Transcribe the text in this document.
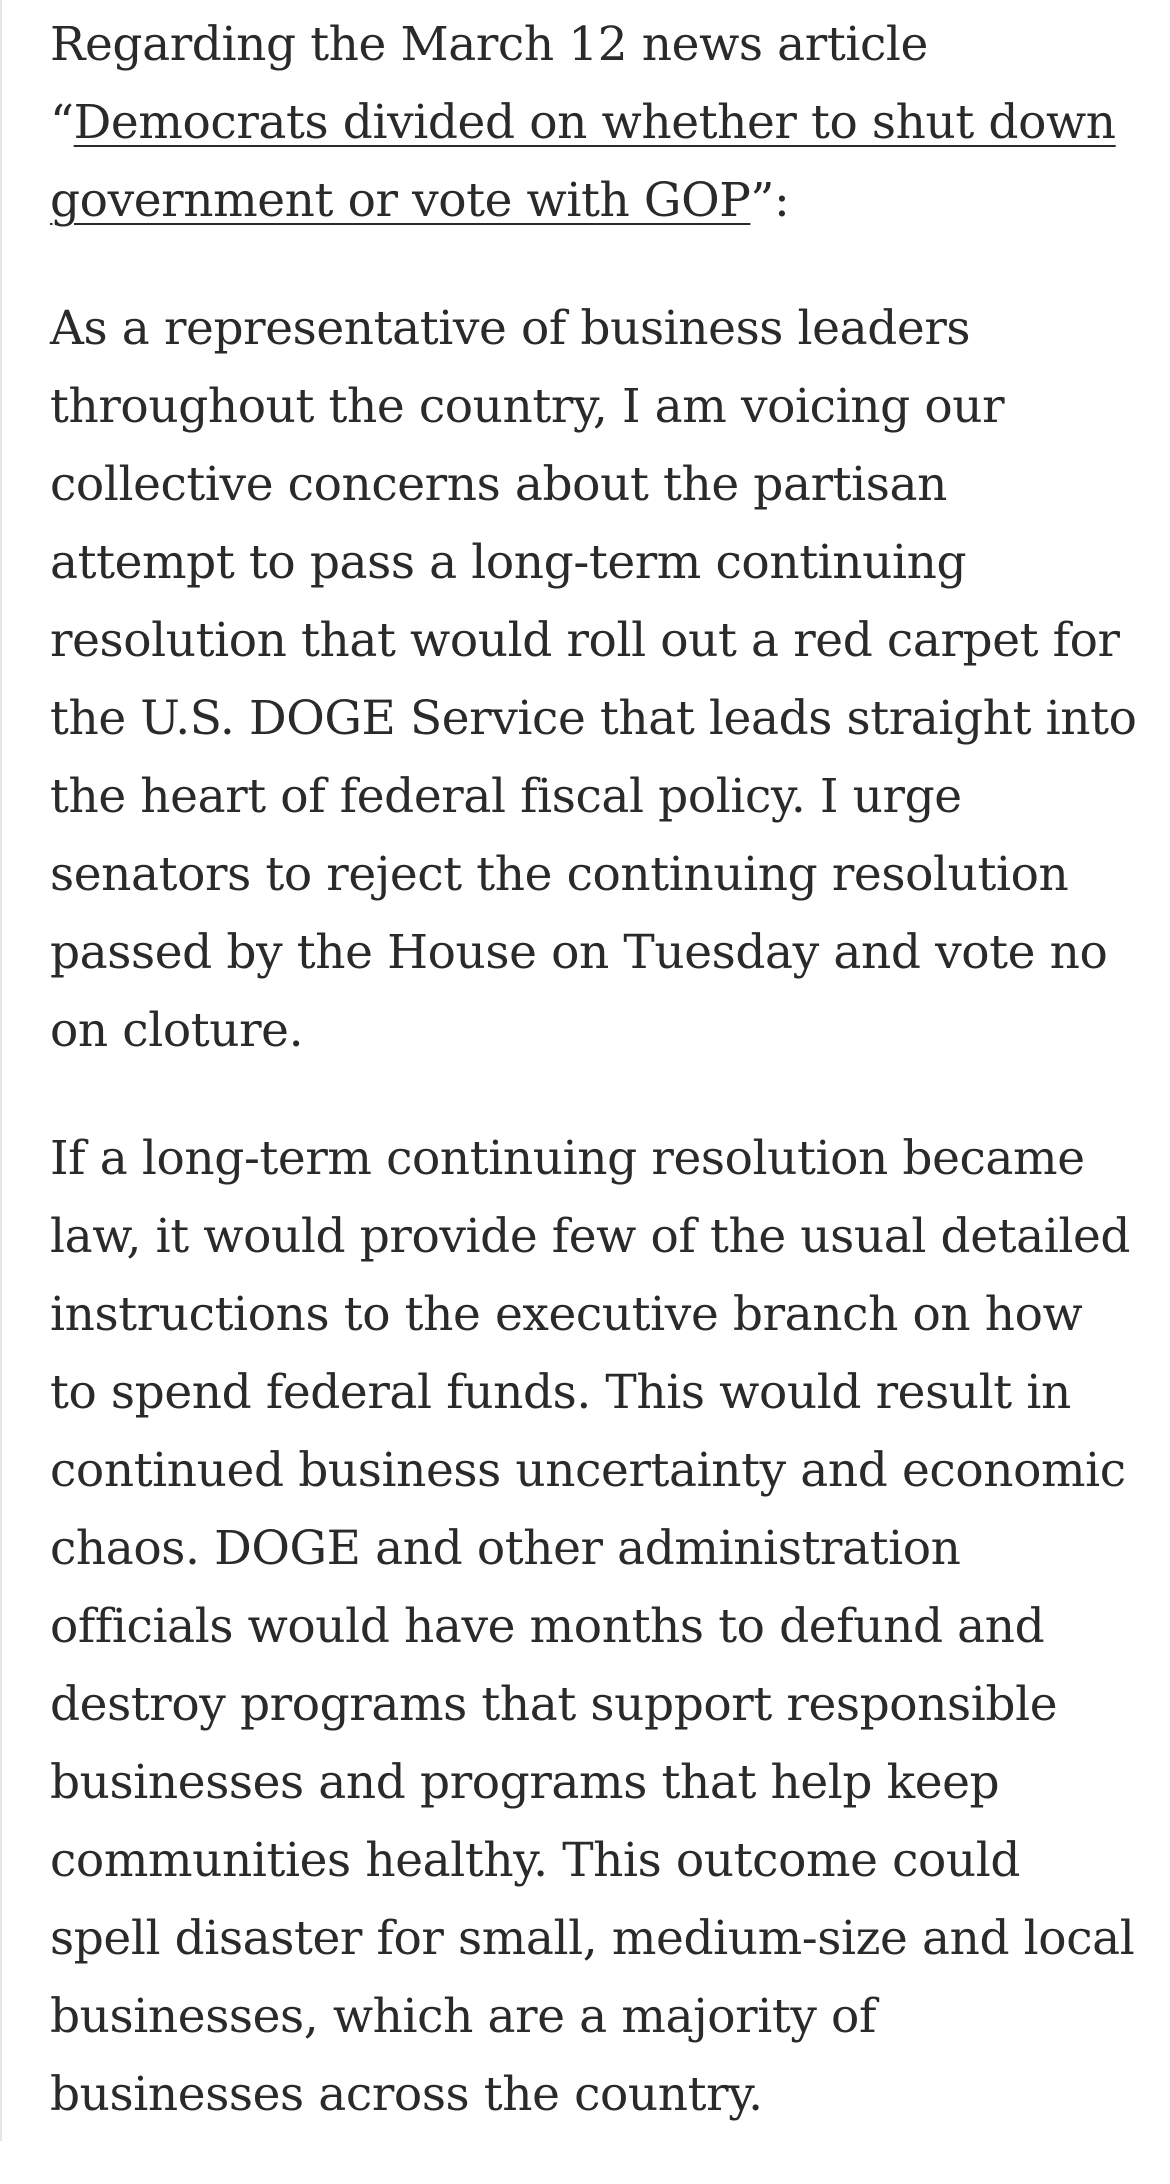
Regarding the March 12 news article “Democrats divided on whether to shut down government or vote with GOP”:

As a representative of business leaders throughout the country, I am voicing our collective concerns about the partisan attempt to pass a long-term continuing resolution that would roll out a red carpet for the U.S. DOGE Service that leads straight into the heart of federal fiscal policy. I urge senators to reject the continuing resolution passed by the House on Tuesday and vote no on cloture.

If a long-term continuing resolution became law, it would provide few of the usual detailed instructions to the executive branch on how to spend federal funds. This would result in continued business uncertainty and economic chaos. DOGE and other administration officials would have months to defund and destroy programs that support responsible businesses and programs that help keep communities healthy. This outcome could spell disaster for small, medium-size and local businesses, which are a majority of businesses across the country.
